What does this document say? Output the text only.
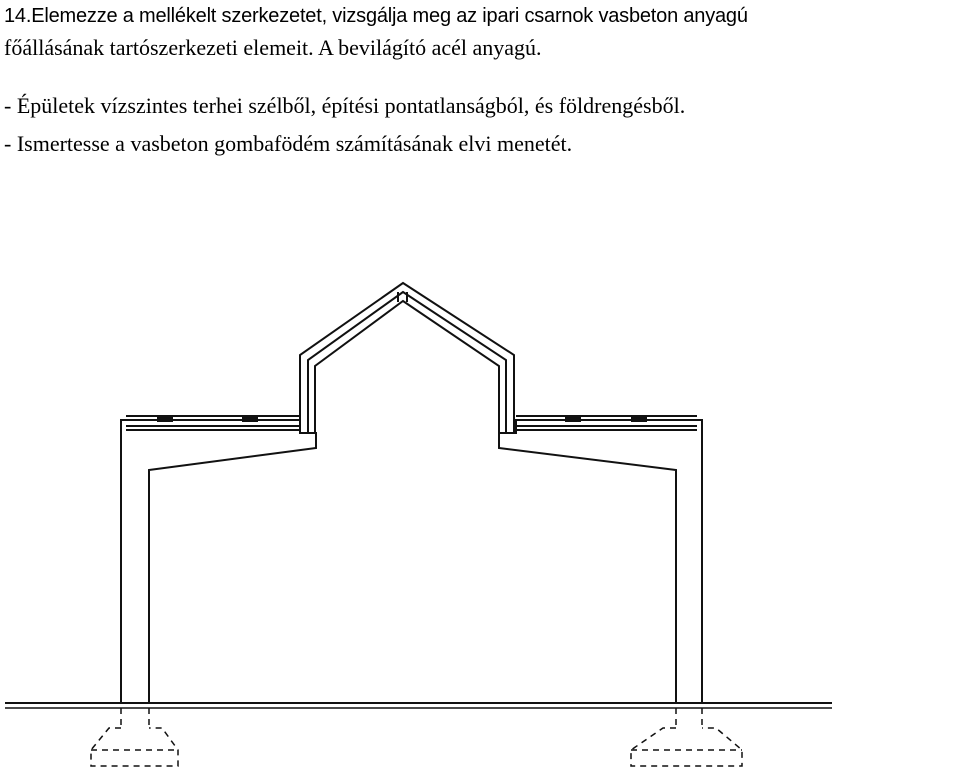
14.Elemezze a mellékelt szerkezetet, vizsgálja meg az ipari csarnok vasbeton anyagú
főállásának tartószerkezeti elemeit. A bevilágító acél anyagú.
- Épületek vízszintes terhei szélből, építési pontatlanságból, és földrengésből.
- Ismertesse a vasbeton gombafödém számításának elvi menetét.
